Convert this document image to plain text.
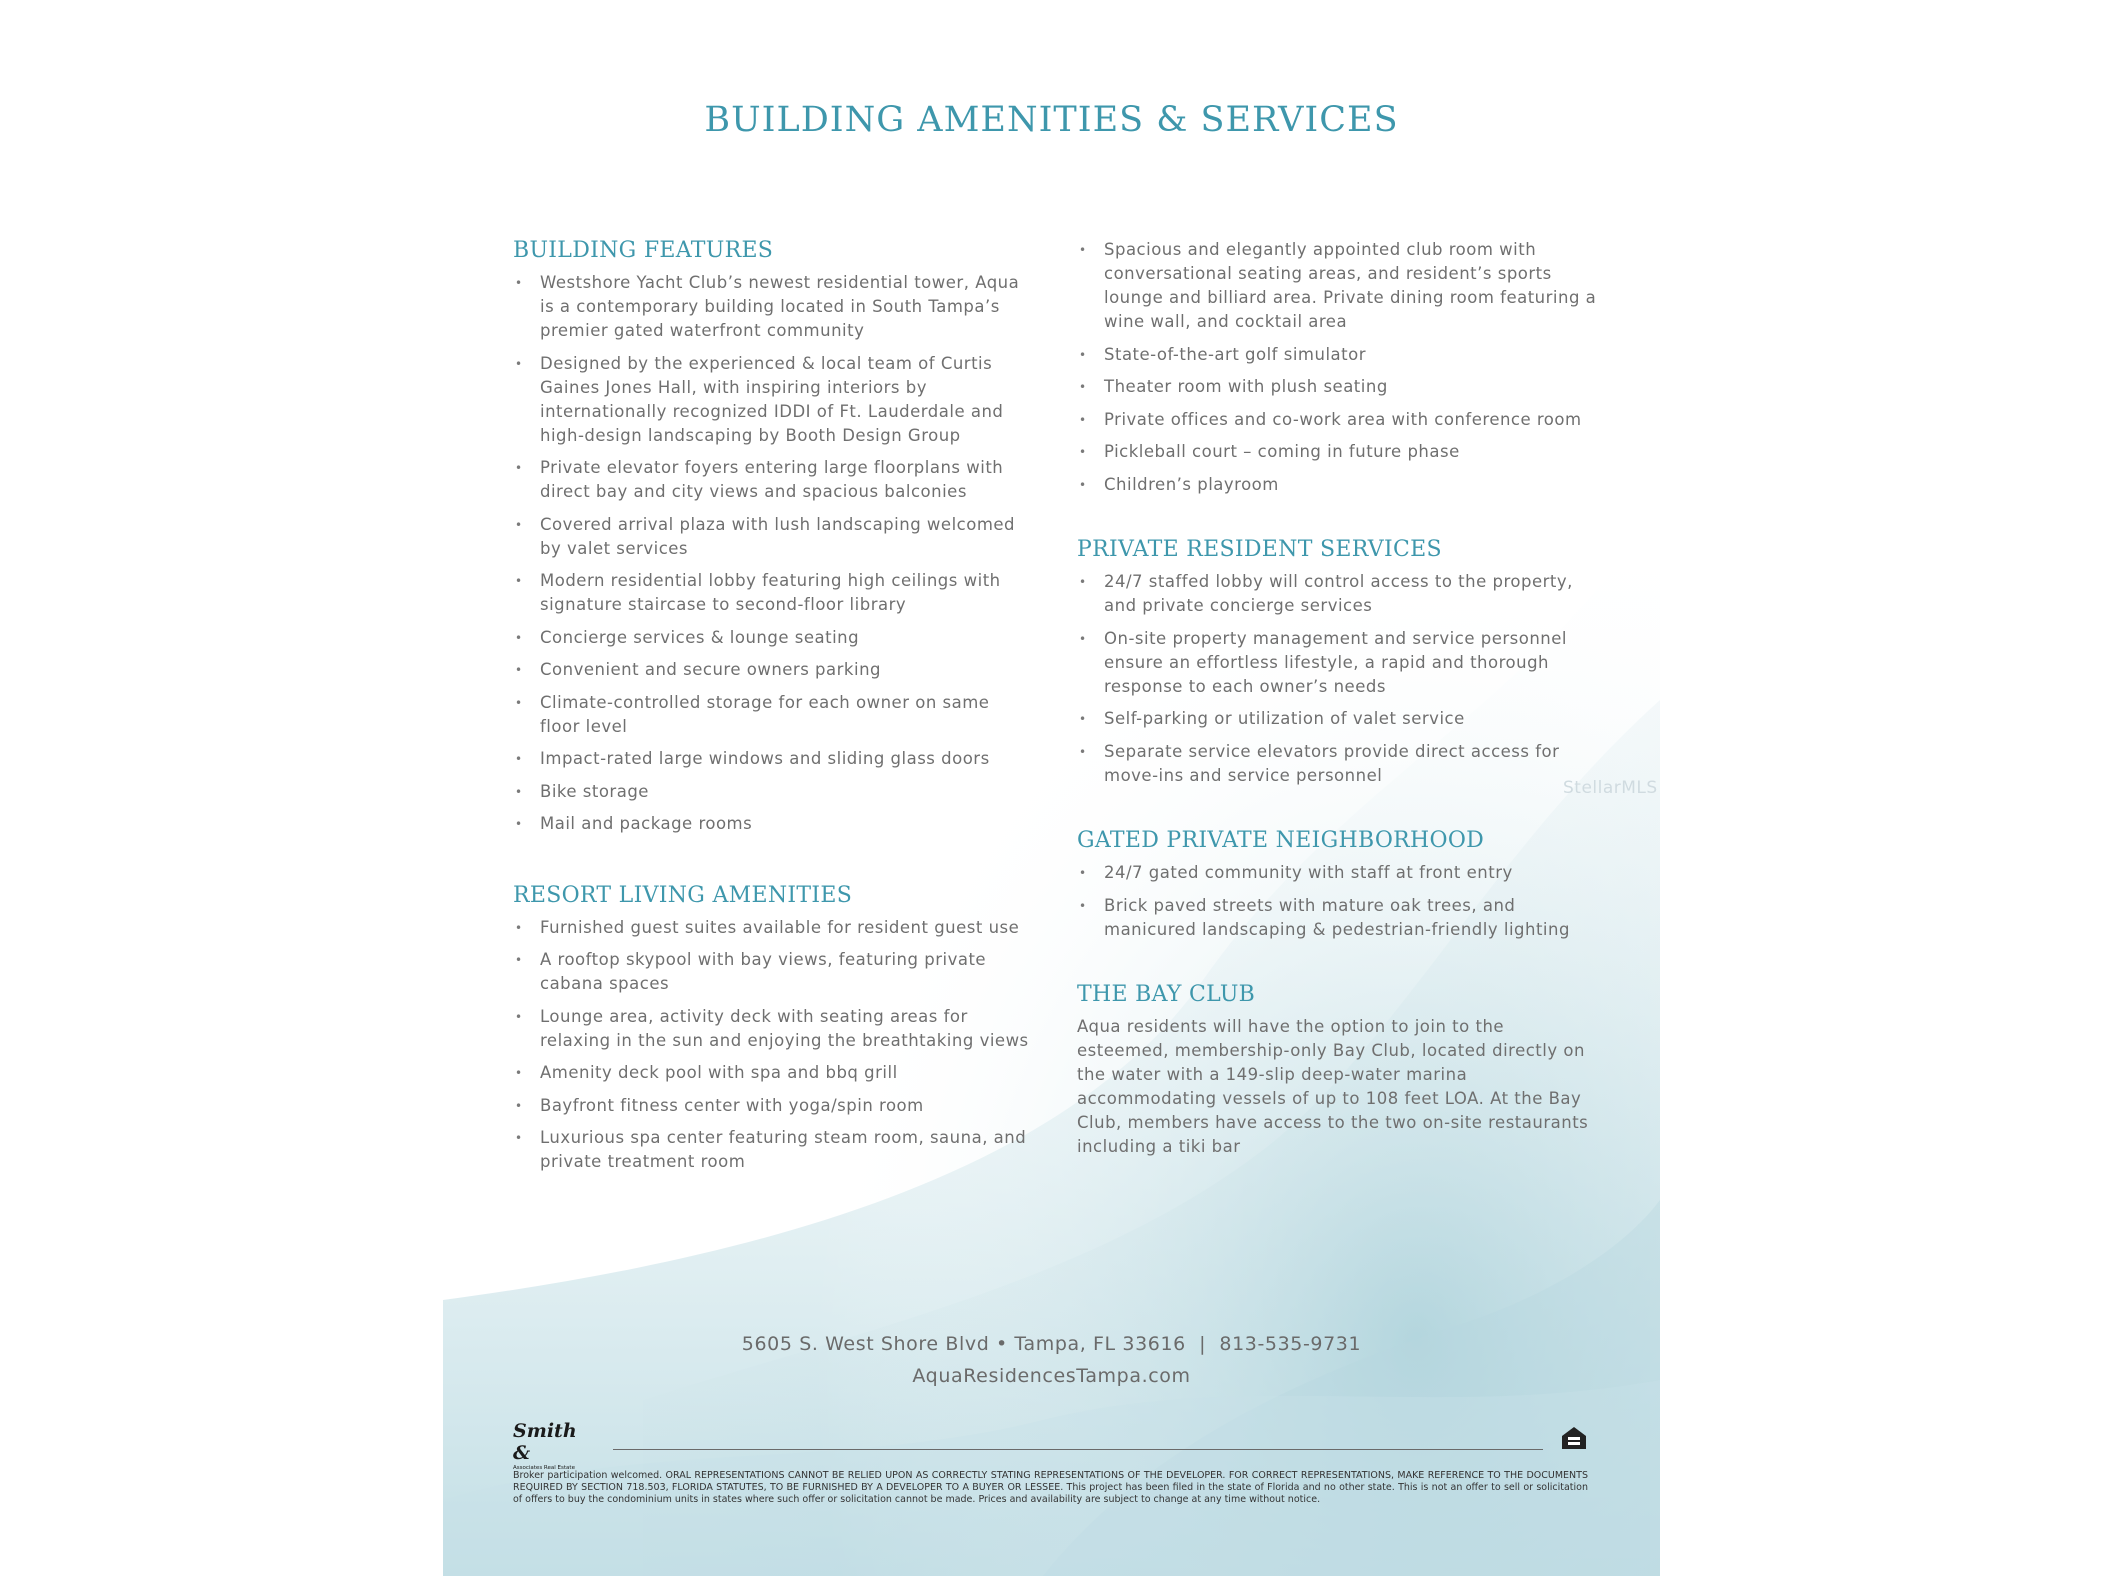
BUILDING AMENITIES & SERVICES
BUILDING FEATURES
• Westshore Yacht Club’s newest residential tower, Aqua is a contemporary building located in South Tampa’s premier gated waterfront community
• Designed by the experienced & local team of Curtis Gaines Jones Hall, with inspiring interiors by internationally recognized IDDI of Ft. Lauderdale and high-design landscaping by Booth Design Group
• Private elevator foyers entering large floorplans with direct bay and city views and spacious balconies
• Covered arrival plaza with lush landscaping welcomed by valet services
• Modern residential lobby featuring high ceilings with signature staircase to second-floor library
• Concierge services & lounge seating
• Convenient and secure owners parking
• Climate-controlled storage for each owner on same floor level
• Impact-rated large windows and sliding glass doors
• Bike storage
• Mail and package rooms
RESORT LIVING AMENITIES
• Furnished guest suites available for resident guest use
• A rooftop skypool with bay views, featuring private cabana spaces
• Lounge area, activity deck with seating areas for relaxing in the sun and enjoying the breathtaking views
• Amenity deck pool with spa and bbq grill
• Bayfront fitness center with yoga/spin room
• Luxurious spa center featuring steam room, sauna, and private treatment room
• Spacious and elegantly appointed club room with conversational seating areas, and resident’s sports lounge and billiard area. Private dining room featuring a wine wall, and cocktail area
• State-of-the-art golf simulator
• Theater room with plush seating
• Private offices and co-work area with conference room
• Pickleball court – coming in future phase
• Children’s playroom
PRIVATE RESIDENT SERVICES
• 24/7 staffed lobby will control access to the property, and private concierge services
• On-site property management and service personnel ensure an effortless lifestyle, a rapid and thorough response to each owner’s needs
• Self-parking or utilization of valet service
• Separate service elevators provide direct access for move-ins and service personnel
GATED PRIVATE NEIGHBORHOOD
• 24/7 gated community with staff at front entry
• Brick paved streets with mature oak trees, and manicured landscaping & pedestrian-friendly lighting
THE BAY CLUB

Aqua residents will have the option to join to the esteemed, membership-only Bay Club, located directly on the water with a 149-slip deep-water marina accommodating vessels of up to 108 feet LOA. At the Bay Club, members have access to the two on-site restaurants including a tiki bar

StellarMLS
5605 S. West Shore Blvd • Tampa, FL 33616  |  813-535-9731
AquaResidencesTampa.com
Smith &
Associates Real Estate
Broker participation welcomed. ORAL REPRESENTATIONS CANNOT BE RELIED UPON AS CORRECTLY STATING REPRESENTATIONS OF THE DEVELOPER. FOR CORRECT REPRESENTATIONS, MAKE REFERENCE TO THE DOCUMENTS REQUIRED BY SECTION 718.503, FLORIDA STATUTES, TO BE FURNISHED BY A DEVELOPER TO A BUYER OR LESSEE. This project has been filed in the state of Florida and no other state. This is not an offer to sell or solicitation of offers to buy the condominium units in states where such offer or solicitation cannot be made. Prices and availability are subject to change at any time without notice.
